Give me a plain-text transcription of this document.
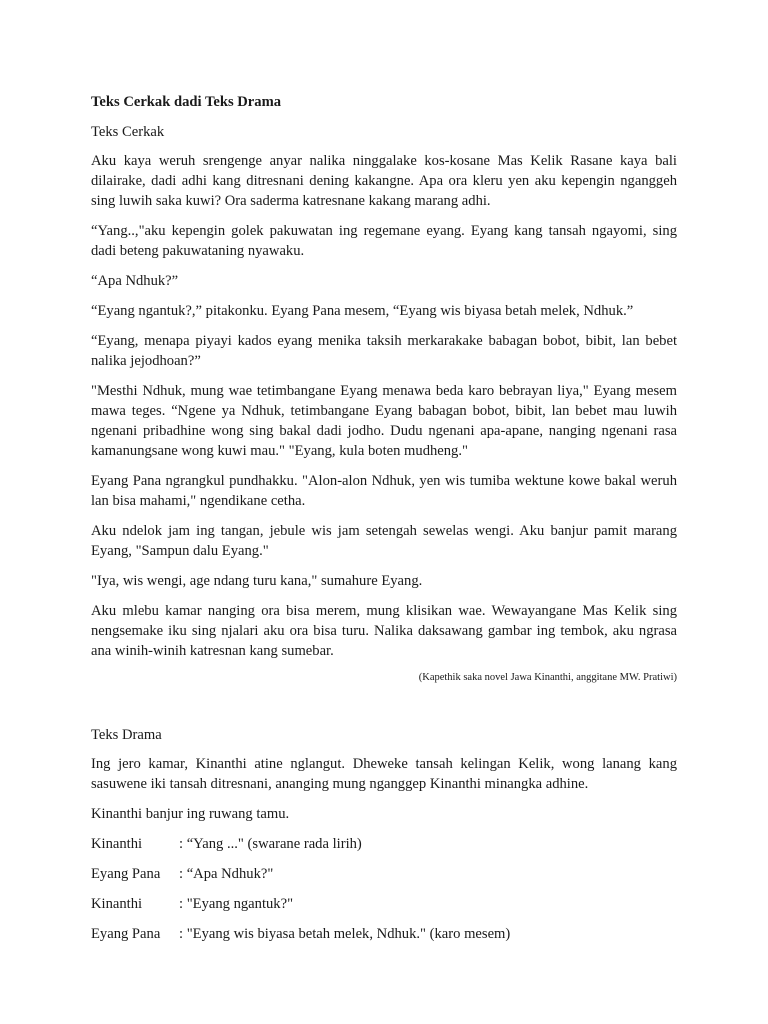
Teks Cerkak dadi Teks Drama
Teks Cerkak

Aku kaya weruh srengenge anyar nalika ninggalake kos-kosane Mas Kelik Rasane kaya bali dilairake, dadi adhi kang ditresnani dening kakangne. Apa ora kleru yen aku kepengin nganggeh sing luwih saka kuwi? Ora saderma katresnane kakang marang adhi.

“Yang..,"aku kepengin golek pakuwatan ing regemane eyang. Eyang kang tansah ngayomi, sing dadi beteng pakuwataning nyawaku.

“Apa Ndhuk?”

“Eyang ngantuk?,” pitakonku. Eyang Pana mesem, “Eyang wis biyasa betah melek, Ndhuk.”

“Eyang, menapa piyayi kados eyang menika taksih merkarakake babagan bobot, bibit, lan bebet nalika jejodhoan?”

"Mesthi Ndhuk, mung wae tetimbangane Eyang menawa beda karo bebrayan liya," Eyang mesem mawa teges. “Ngene ya Ndhuk, tetimbangane Eyang babagan bobot, bibit, lan bebet mau luwih ngenani pribadhine wong sing bakal dadi jodho. Dudu ngenani apa-apane, nanging ngenani rasa kamanungsane wong kuwi mau." "Eyang, kula boten mudheng."

Eyang Pana ngrangkul pundhakku. "Alon-alon Ndhuk, yen wis tumiba wektune kowe bakal weruh lan bisa mahami," ngendikane cetha.

Aku ndelok jam ing tangan, jebule wis jam setengah sewelas wengi. Aku banjur pamit marang Eyang, "Sampun dalu Eyang."

"Iya, wis wengi, age ndang turu kana," sumahure Eyang.

Aku mlebu kamar nanging ora bisa merem, mung klisikan wae. Wewayangane Mas Kelik sing nengsemake iku sing njalari aku ora bisa turu. Nalika daksawang gambar ing tembok, aku ngrasa ana winih-winih katresnan kang sumebar.

(Kapethik saka novel Jawa Kinanthi, anggitane MW. Pratiwi)
Teks Drama

Ing jero kamar, Kinanthi atine nglangut. Dheweke tansah kelingan Kelik, wong lanang kang sasuwene iki tansah ditresnani, ananging mung nganggep Kinanthi minangka adhine.

Kinanthi banjur ing ruwang tamu.

Kinanthi	: “Yang ..." (swarane rada lirih)
Eyang Pana	: “Apa Ndhuk?"
Kinanthi	: "Eyang ngantuk?"
Eyang Pana	: "Eyang wis biyasa betah melek, Ndhuk." (karo mesem)
